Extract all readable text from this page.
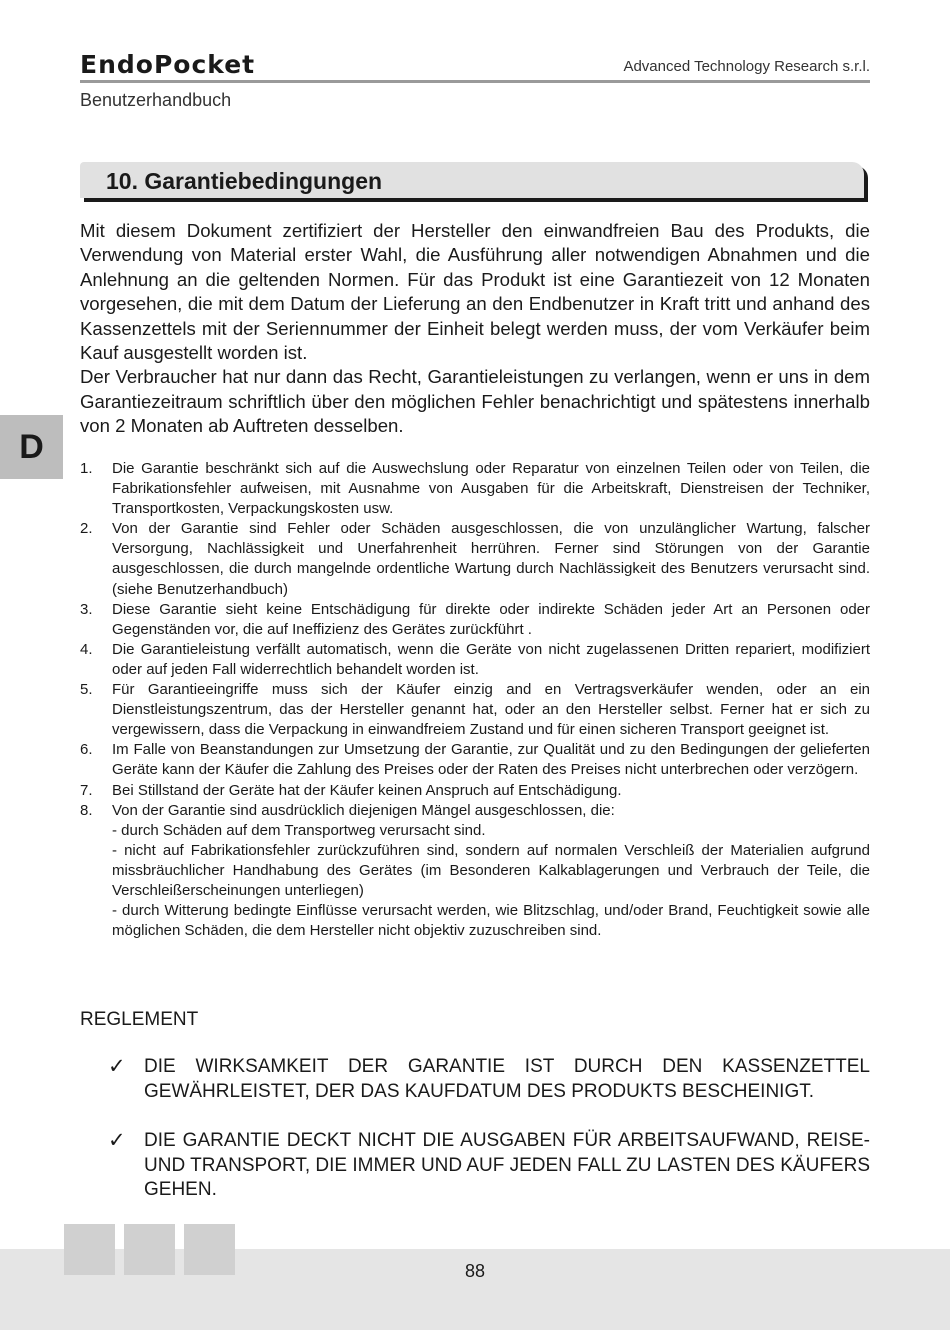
EndoPocket	Advanced Technology Research s.r.l.
Benutzerhandbuch
10. Garantiebedingungen
D

Mit diesem Dokument zertifiziert der Hersteller den einwandfreien Bau des Produkts, die Verwendung von Material erster Wahl, die Ausführung aller notwendigen Abnahmen und die Anlehnung an die geltenden Normen. Für das Produkt ist eine Garantiezeit von 12 Monaten vorgesehen, die mit dem Datum der Lieferung an den Endbenutzer in Kraft tritt und anhand des Kassenzettels mit der Seriennummer der Einheit belegt werden muss, der vom Verkäufer beim Kauf ausgestellt worden ist.

Der Verbraucher hat nur dann das Recht, Garantieleistungen zu verlangen, wenn er uns in dem Garantiezeitraum schriftlich über den möglichen Fehler benachrichtigt und spätestens innerhalb von 2 Monaten ab Auftreten desselben.

1. Die Garantie beschränkt sich auf die Auswechslung oder Reparatur von einzelnen Teilen oder von Teilen, die Fabrikationsfehler aufweisen, mit Ausnahme von Ausgaben für die Arbeitskraft, Dienstreisen der Techniker, Transportkosten, Verpackungskosten usw.
2. Von der Garantie sind Fehler oder Schäden ausgeschlossen, die von unzulänglicher Wartung, falscher Versorgung, Nachlässigkeit und Unerfahrenheit herrühren. Ferner sind Störungen von der Garantie ausgeschlossen, die durch mangelnde ordentliche Wartung durch Nachlässigkeit des Benutzers verursacht sind. (siehe Benutzerhandbuch)
3. Diese Garantie sieht keine Entschädigung für direkte oder indirekte Schäden jeder Art an Personen oder Gegenständen vor, die auf Ineffizienz des Gerätes zurückführt .
4. Die Garantieleistung verfällt automatisch, wenn die Geräte von nicht zugelassenen Dritten repariert, modifiziert oder auf jeden Fall widerrechtlich behandelt worden ist.
5. Für Garantieeingriffe muss sich der Käufer einzig and en Vertragsverkäufer wenden, oder an ein Dienstleistungszentrum, das der Hersteller genannt hat, oder an den Hersteller selbst. Ferner hat er sich zu vergewissern, dass die Verpackung in einwandfreiem Zustand und für einen sicheren Transport geeignet ist.
6. Im Falle von Beanstandungen zur Umsetzung der Garantie, zur Qualität und zu den Bedingungen der gelieferten Geräte kann der Käufer die Zahlung des Preises oder der Raten des Preises nicht unterbrechen oder verzögern.
7. Bei Stillstand der Geräte hat der Käufer keinen Anspruch auf Entschädigung.
8. Von der Garantie sind ausdrücklich diejenigen Mängel ausgeschlossen, die:
- durch Schäden auf dem Transportweg verursacht sind.
- nicht auf Fabrikationsfehler zurückzuführen sind, sondern auf normalen Verschleiß der Materialien aufgrund missbräuchlicher Handhabung des Gerätes (im Besonderen Kalkablagerungen und Verbrauch der Teile, die Verschleißerscheinungen unterliegen)
- durch Witterung bedingte Einflüsse verursacht werden, wie Blitzschlag, und/oder Brand, Feuchtigkeit sowie alle möglichen Schäden, die dem Hersteller nicht objektiv zuzuschreiben sind.
REGLEMENT
✓ DIE WIRKSAMKEIT DER GARANTIE IST DURCH DEN KASSENZETTEL GEWÄHRLEISTET, DER DAS KAUFDATUM DES PRODUKTS BESCHEINIGT.
✓ DIE GARANTIE DECKT NICHT DIE AUSGABEN FÜR ARBEITSAUFWAND, REISE- UND TRANSPORT, DIE IMMER UND AUF JEDEN FALL ZU LASTEN DES KÄUFERS GEHEN.
88
